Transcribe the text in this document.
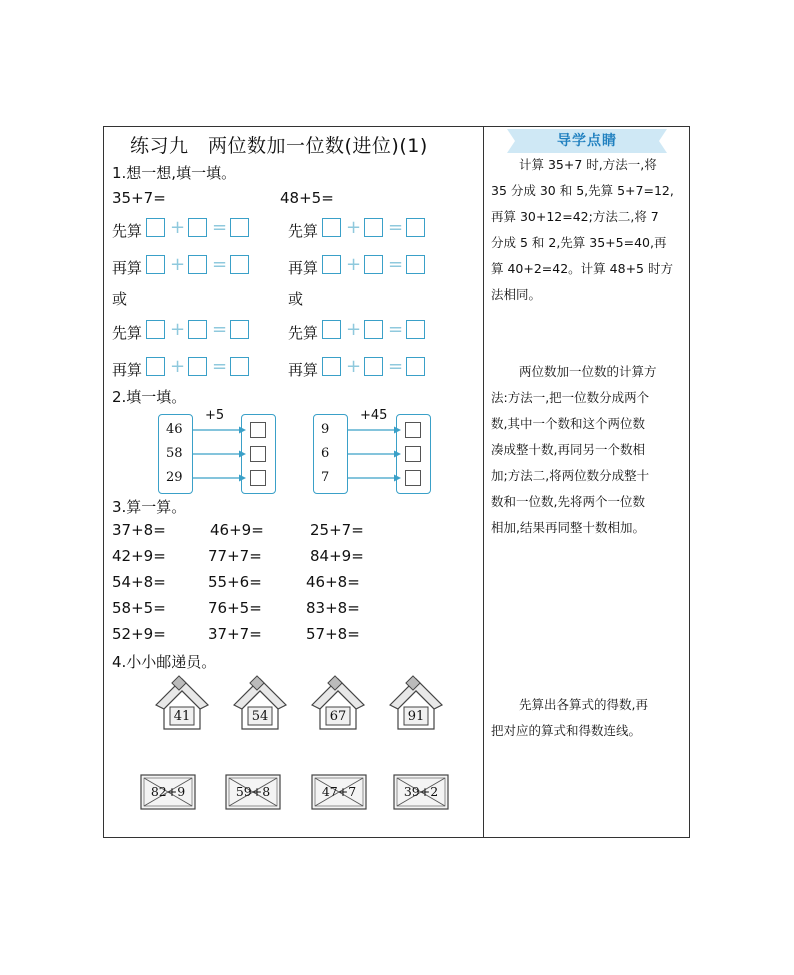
练习九　两位数加一位数(进位)(1)
1.想一想,填一填。
35+7=	48+5=
或	或
2.填一填。
3.算一算。
4.小小邮递员。
导学点睛
先算 + =	先算 + =
再算 + =	再算 + =
先算 + =	先算 + =
再算 + =	再算 + =
+5
46
58
29
+45
9
6
7
37+8=	46+9=	25+7=
42+9=	77+7=	84+9=
54+8=	55+6=	46+8=
58+5=	76+5=	83+8=
52+9=	37+7=	57+8=
41	54	67	91
82+9	59+8	47+7	39+2
计算 35+7 时,方法一,将
35 分成 30 和 5,先算 5+7=12,
再算 30+12=42;方法二,将 7
分成 5 和 2,先算 35+5=40,再
算 40+2=42。计算 48+5 时方
法相同。
两位数加一位数的计算方
法:方法一,把一位数分成两个
数,其中一个数和这个两位数
凑成整十数,再同另一个数相
加;方法二,将两位数分成整十
数和一位数,先将两个一位数
相加,结果再同整十数相加。
先算出各算式的得数,再
把对应的算式和得数连线。
